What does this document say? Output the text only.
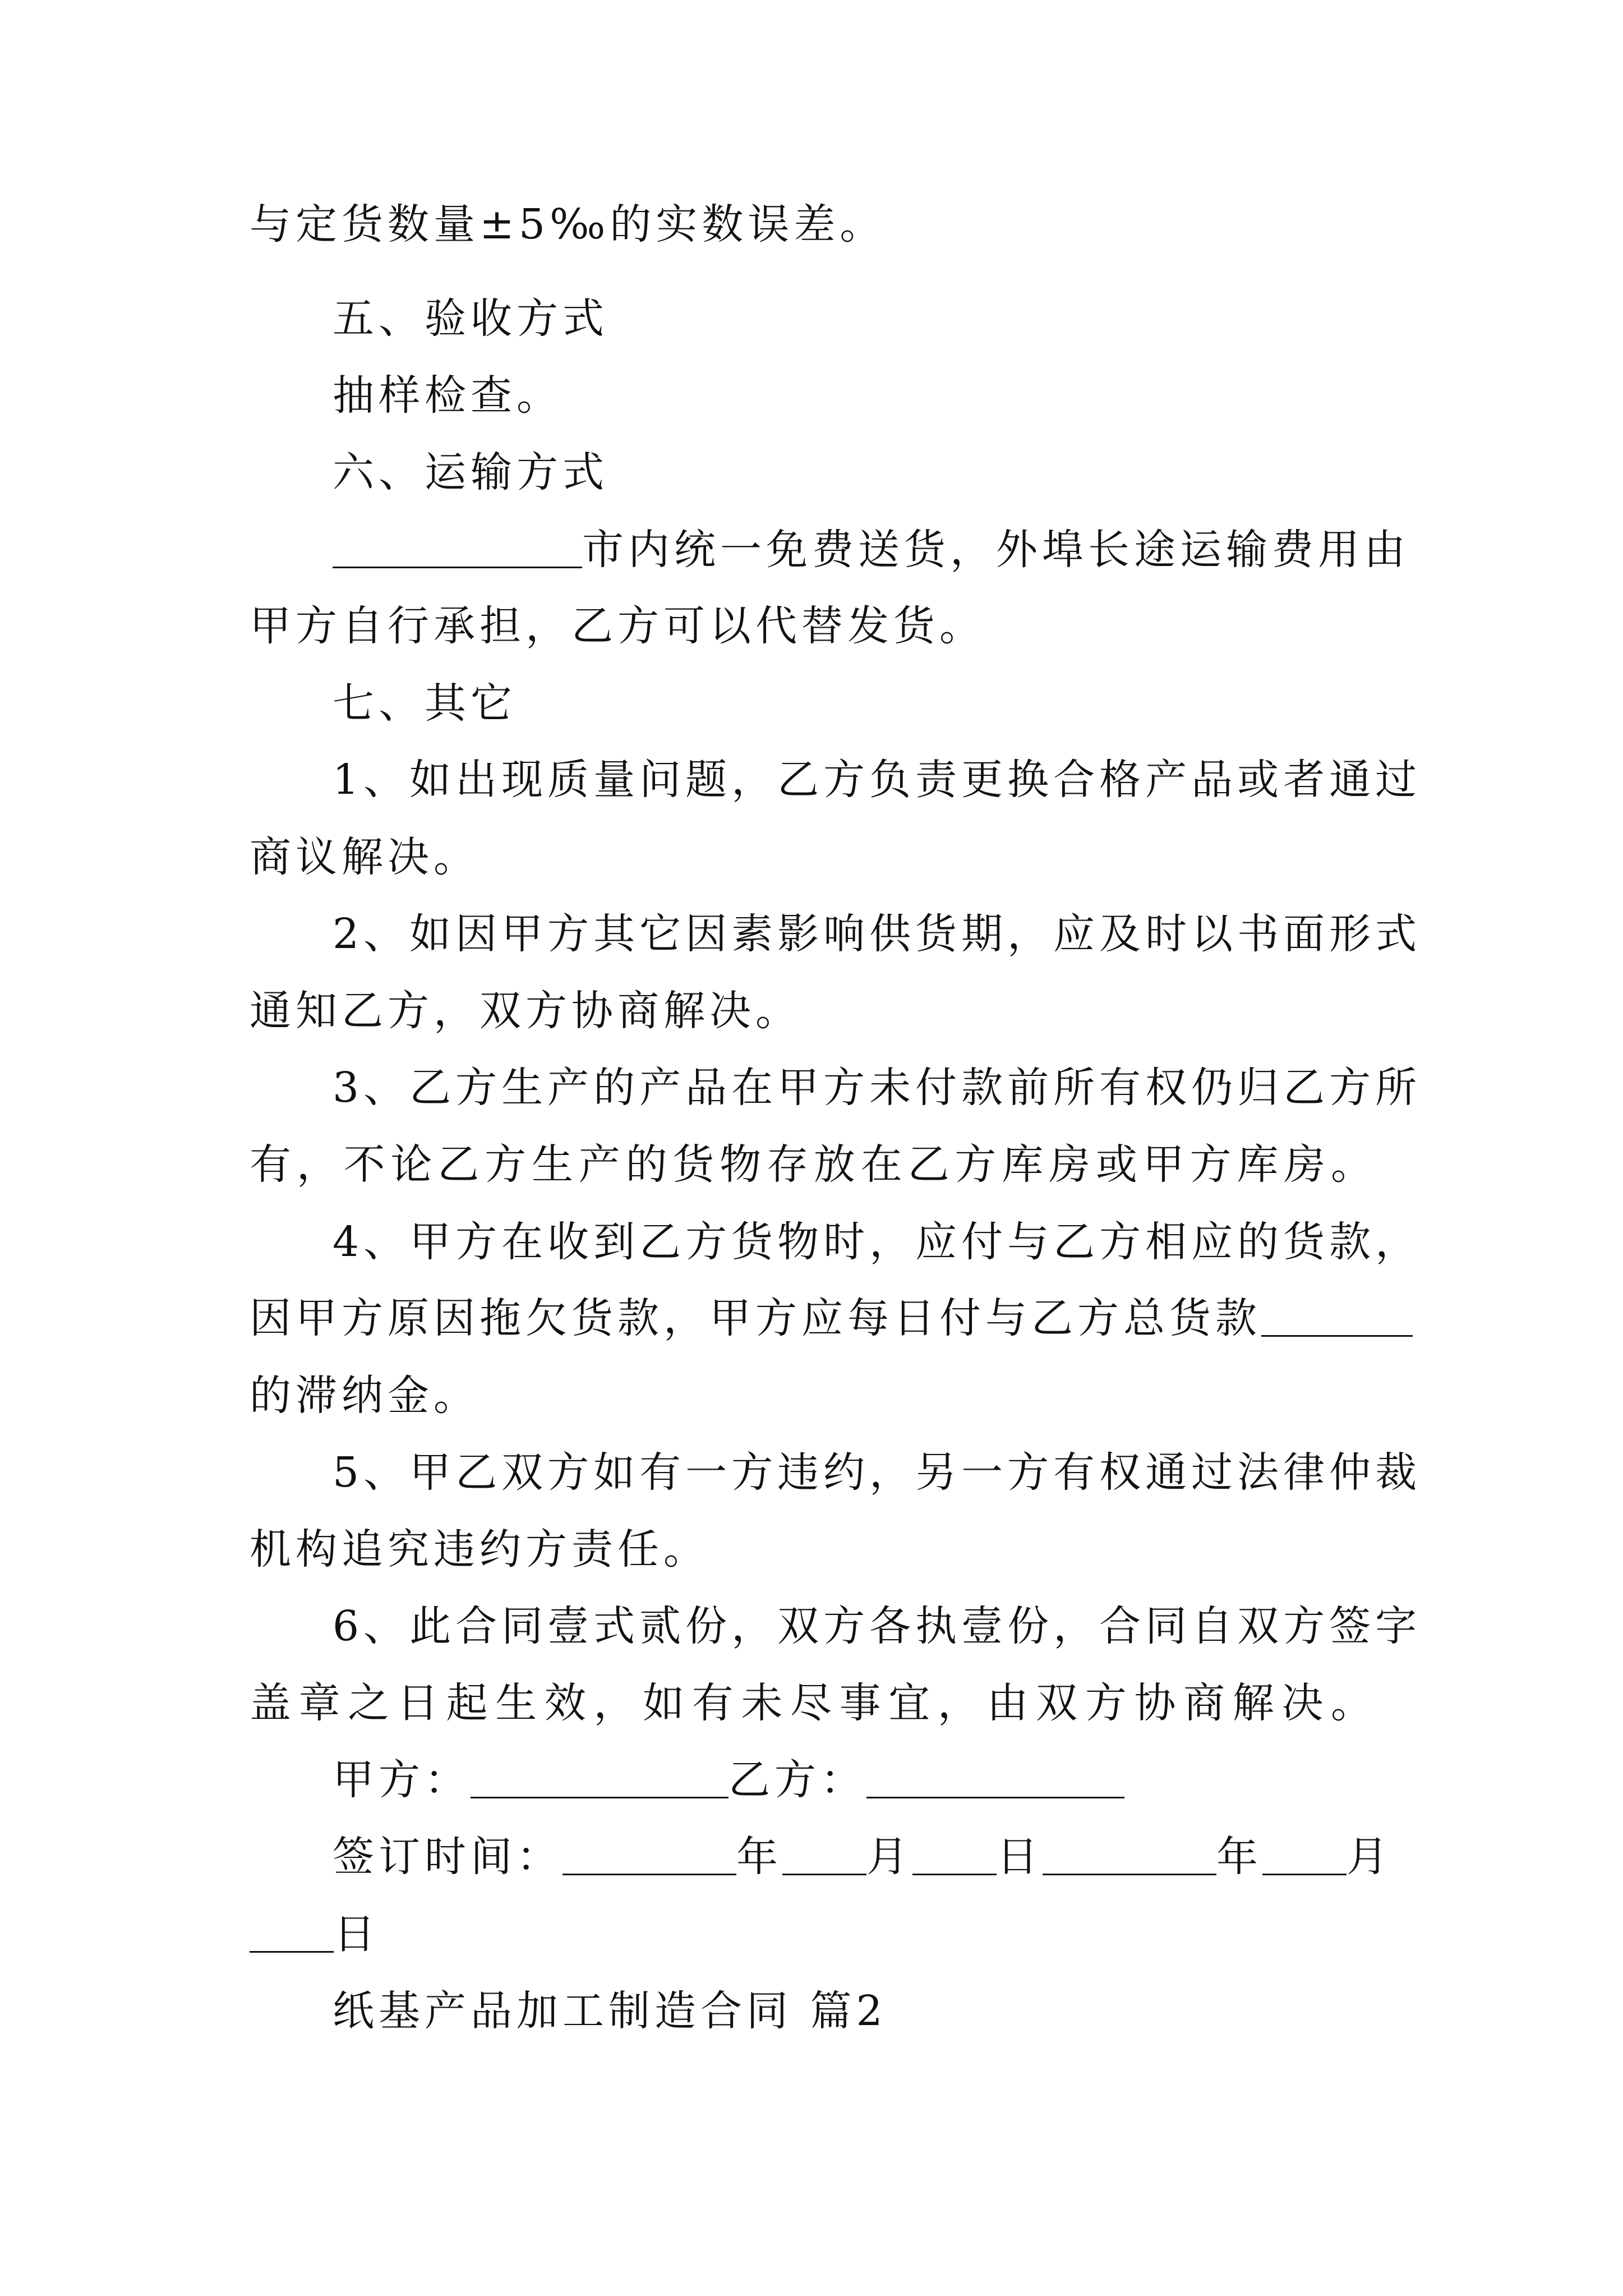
与定货数量±5‰的实数误差。
五、验收方式
抽样检查。
六、运输方式
市内统一免费送货，外埠长途运输费用由
甲方自行承担，乙方可以代替发货。
七、其它
1、如出现质量问题，乙方负责更换合格产品或者通过
商议解决。
2、如因甲方其它因素影响供货期，应及时以书面形式
通知乙方，双方协商解决。
3、乙方生产的产品在甲方未付款前所有权仍归乙方所
有，不论乙方生产的货物存放在乙方库房或甲方库房。
4、甲方在收到乙方货物时，应付与乙方相应的货款，
因甲方原因拖欠货款，甲方应每日付与乙方总货款
的滞纳金。
5、甲乙双方如有一方违约，另一方有权通过法律仲裁
机构追究违约方责任。
6、此合同壹式贰份，双方各执壹份，合同自双方签字
盖章之日起生效，如有未尽事宜，由双方协商解决。
甲方：	乙方：
签订时间：	年 月 日	年 月
日
纸基产品加工制造合同 篇2
